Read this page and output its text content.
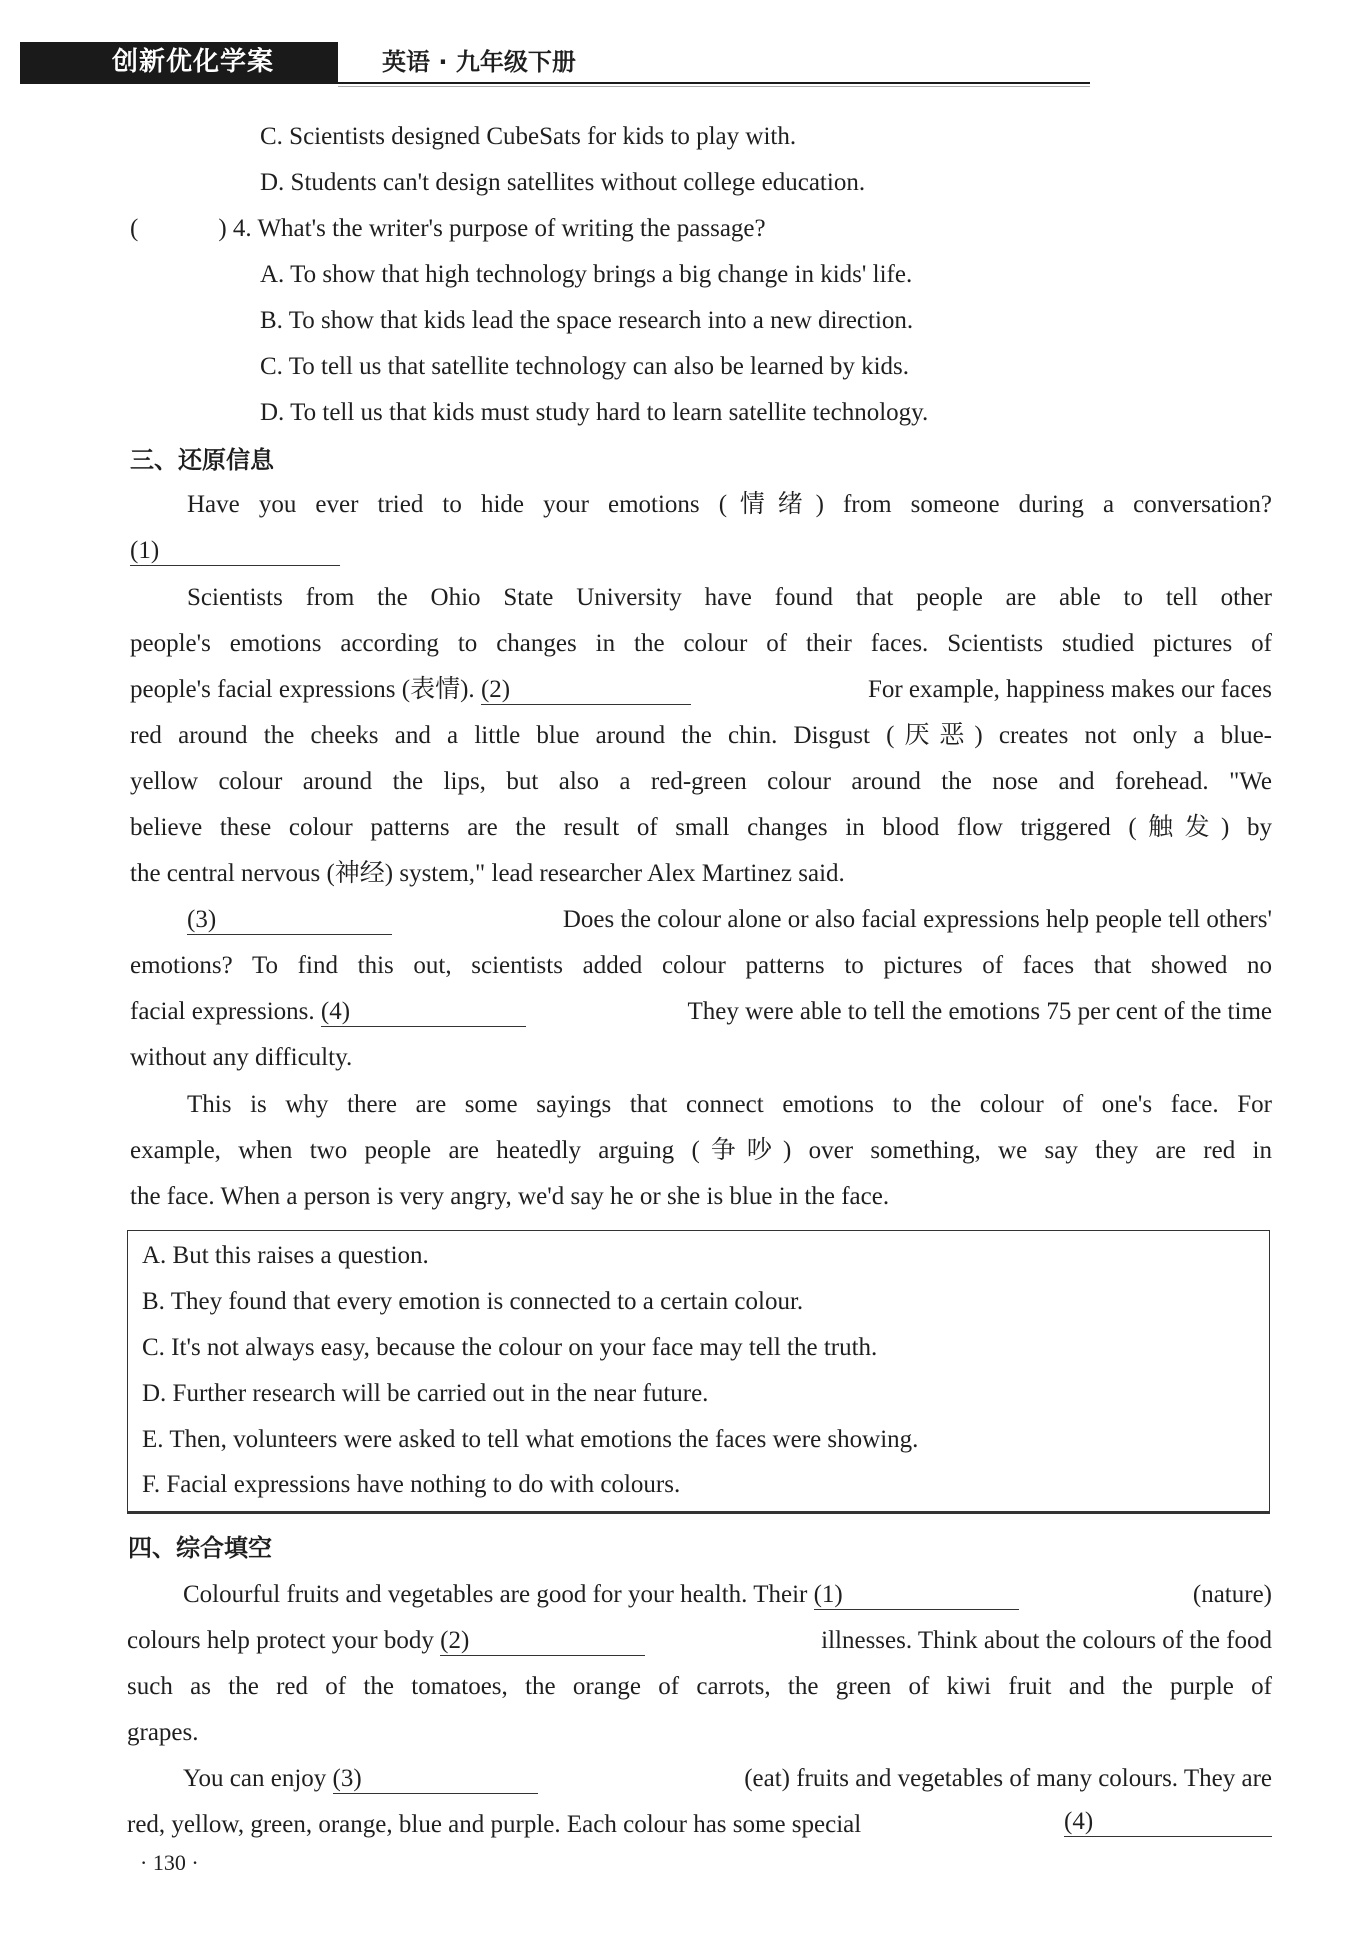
创新优化学案	英语 · 九年级下册
C. Scientists designed CubeSats for kids to play with.
D. Students can't design satellites without college education.
(	) 4. What's the writer's purpose of writing the passage?
A. To show that high technology brings a big change in kids' life.
B. To show that kids lead the space research into a new direction.
C. To tell us that satellite technology can also be learned by kids.
D. To tell us that kids must study hard to learn satellite technology.
三、还原信息
Have you ever tried to hide your emotions (情绪) from someone during a conversation?
(1)
Scientists from the Ohio State University have found that people are able to tell other
people's emotions according to changes in the colour of their faces. Scientists studied pictures of
people's facial expressions (表情). (2)	For example, happiness makes our faces
red around the cheeks and a little blue around the chin. Disgust (厌恶) creates not only a blue-
yellow colour around the lips, but also a red-green colour around the nose and forehead. "We
believe these colour patterns are the result of small changes in blood flow triggered (触发) by
the central nervous (神经) system," lead researcher Alex Martinez said.
(3)	Does the colour alone or also facial expressions help people tell others'
emotions? To find this out, scientists added colour patterns to pictures of faces that showed no
facial expressions. (4)	They were able to tell the emotions 75 per cent of the time
without any difficulty.
This is why there are some sayings that connect emotions to the colour of one's face. For
example, when two people are heatedly arguing (争吵) over something, we say they are red in
the face. When a person is very angry, we'd say he or she is blue in the face.
A. But this raises a question.
B. They found that every emotion is connected to a certain colour.
C. It's not always easy, because the colour on your face may tell the truth.
D. Further research will be carried out in the near future.
E. Then, volunteers were asked to tell what emotions the faces were showing.
F. Facial expressions have nothing to do with colours.
四、综合填空
Colourful fruits and vegetables are good for your health. Their (1)	(nature)
colours help protect your body (2)	illnesses. Think about the colours of the food
such as the red of the tomatoes, the orange of carrots, the green of kiwi fruit and the purple of
grapes.
You can enjoy (3)	(eat) fruits and vegetables of many colours. They are
red, yellow, green, orange, blue and purple. Each colour has some special	(4)
· 130 ·
